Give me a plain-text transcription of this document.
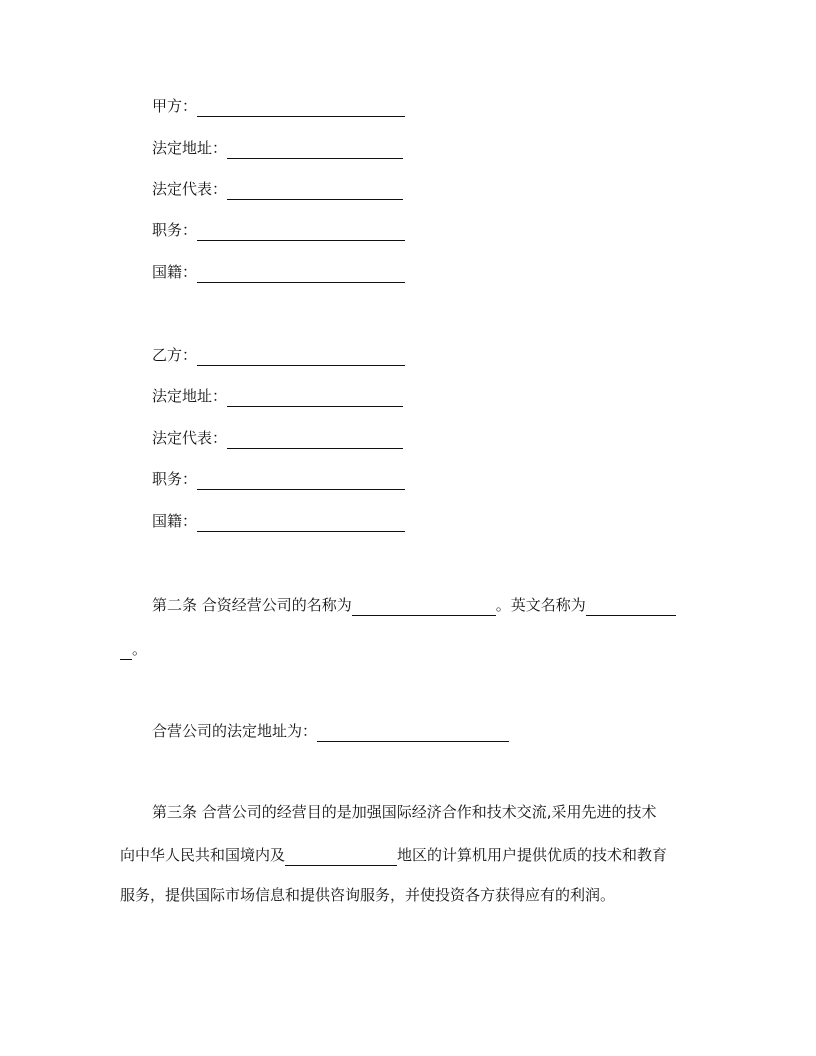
甲方：
法定地址：
法定代表：
职务：
国籍：
乙方：
法定地址：
法定代表：
职务：
国籍：
第二条 合资经营公司的名称为	。英文名称为
。
合营公司的法定地址为：
第三条 合营公司的经营目的是加强国际经济合作和技术交流,采用先进的技术
向中华人民共和国境内及	地区的计算机用户提供优质的技术和教育
服务，提供国际市场信息和提供咨询服务，并使投资各方获得应有的利润。
